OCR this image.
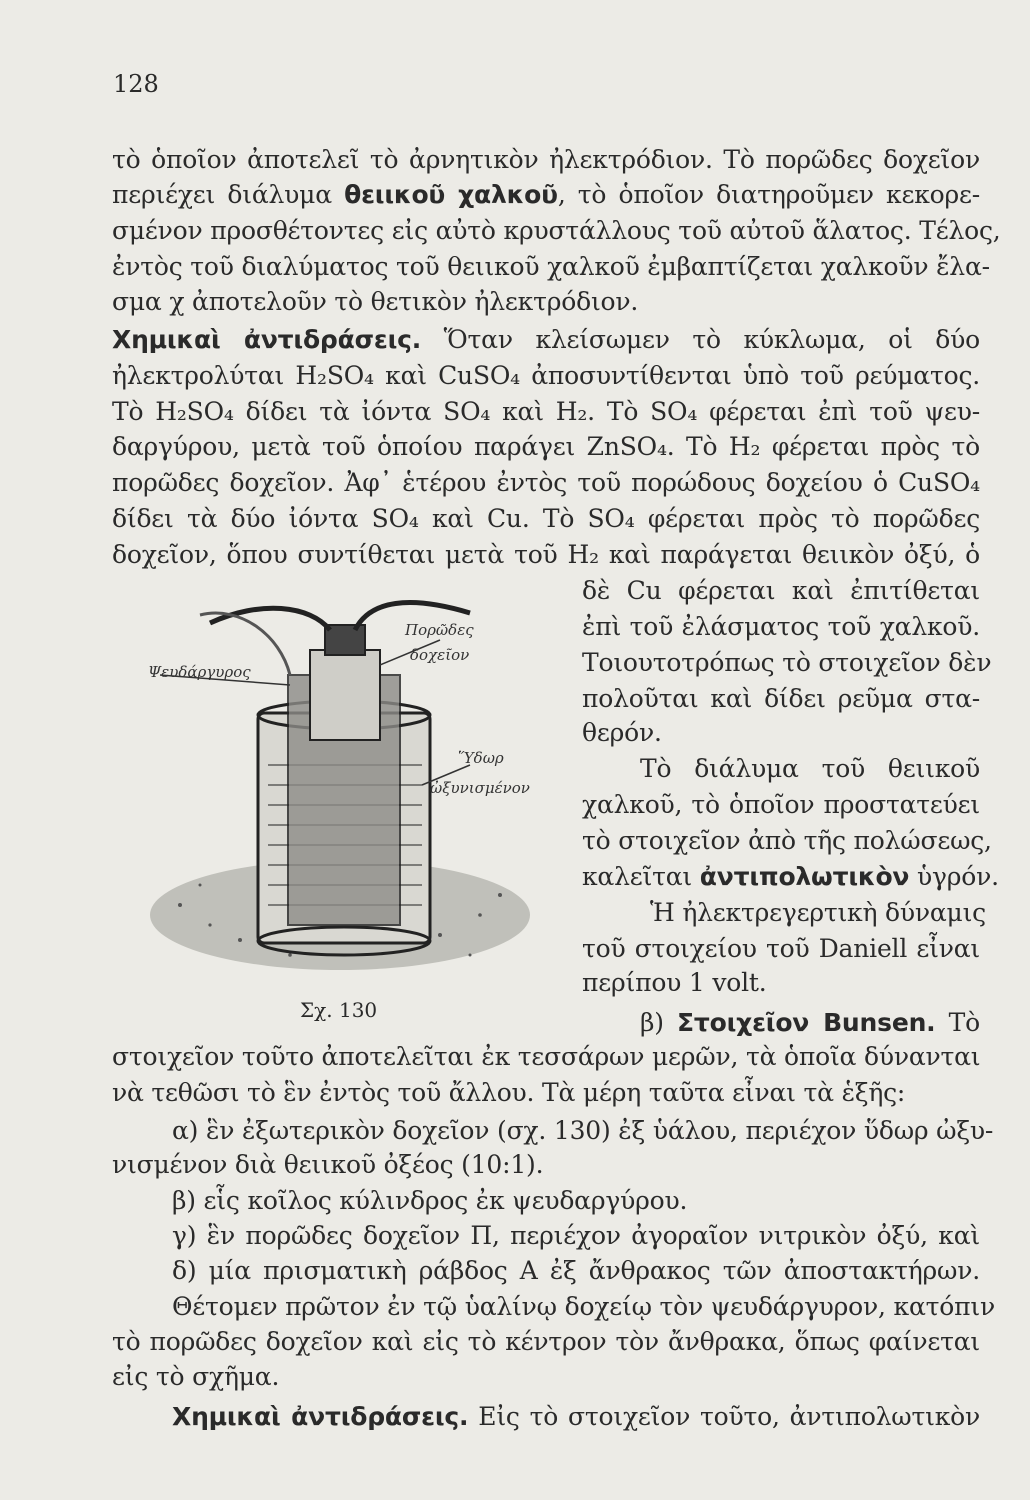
128
τὸ ὁποῖον ἀποτελεῖ τὸ ἀρνητικὸν ἠλεκτρόδιον. Τὸ πορῶδες δοχεῖον
περιέχει διάλυμα θειικοῦ χαλκοῦ, τὸ ὁποῖον διατηροῦμεν κεκορε-
σμένον προσθέτοντες εἰς αὐτὸ κρυστάλλους τοῦ αὐτοῦ ἅλατος. Τέλος,
ἐντὸς τοῦ διαλύματος τοῦ θειικοῦ χαλκοῦ ἐμβαπτίζεται χαλκοῦν ἔλα-
σμα χ ἀποτελοῦν τὸ θετικὸν ἠλεκτρόδιον.
Χημικαὶ ἀντιδράσεις. Ὅταν κλείσωμεν τὸ κύκλωμα, οἱ δύο
ἠλεκτρολύται H₂SO₄ καὶ CuSO₄ ἀποσυντίθενται ὑπὸ τοῦ ρεύματος.
Τὸ H₂SO₄ δίδει τὰ ἰόντα SO₄ καὶ H₂. Τὸ SO₄ φέρεται ἐπὶ τοῦ ψευ-
δαργύρου, μετὰ τοῦ ὁποίου παράγει ZnSO₄. Τὸ H₂ φέρεται πρὸς τὸ
πορῶδες δοχεῖον. Ἀφ᾽ ἑτέρου ἐντὸς τοῦ πορώδους δοχείου ὁ CuSO₄
δίδει τὰ δύο ἰόντα SO₄ καὶ Cu. Τὸ SO₄ φέρεται πρὸς τὸ πορῶδες
δοχεῖον, ὅπου συντίθεται μετὰ τοῦ H₂ καὶ παράγεται θειικὸν ὀξύ, ὁ
δὲ Cu φέρεται καὶ ἐπιτίθεται
ἐπὶ τοῦ ἐλάσματος τοῦ χαλκοῦ.
Τοιουτοτρόπως τὸ στοιχεῖον δὲν
πολοῦται καὶ δίδει ρεῦμα στα-
θερόν.
Τὸ διάλυμα τοῦ θειικοῦ
χαλκοῦ, τὸ ὁποῖον προστατεύει
τὸ στοιχεῖον ἀπὸ τῆς πολώσεως,
καλεῖται ἀντιπολωτικὸν ὑγρόν.
Ἡ ἠλεκτρεγερτικὴ δύναμις
τοῦ στοιχείου τοῦ Daniell εἶναι
περίπου 1 volt.
β) Στοιχεῖον Bunsen. Τὸ
Ψευδάργυρος
Πορῶδες
δοχεῖον
Ὕδωρ
ὠξυνισμένον
Σχ. 130
στοιχεῖον τοῦτο ἀποτελεῖται ἐκ τεσσάρων μερῶν, τὰ ὁποῖα δύνανται
νὰ τεθῶσι τὸ ἓν ἐντὸς τοῦ ἄλλου. Τὰ μέρη ταῦτα εἶναι τὰ ἑξῆς:
α) ἓν ἐξωτερικὸν δοχεῖον (σχ. 130) ἐξ ὑάλου, περιέχον ὕδωρ ὠξυ-
νισμένον διὰ θειικοῦ ὀξέος (10:1).
β) εἷς κοῖλος κύλινδρος ἐκ ψευδαργύρου.
γ) ἓν πορῶδες δοχεῖον Π, περιέχον ἀγοραῖον νιτρικὸν ὀξύ, καὶ
δ) μία πρισματικὴ ράβδος Α ἐξ ἄνθρακος τῶν ἀποστακτήρων.
Θέτομεν πρῶτον ἐν τῷ ὑαλίνῳ δοχείῳ τὸν ψευδάργυρον, κατόπιν
τὸ πορῶδες δοχεῖον καὶ εἰς τὸ κέντρον τὸν ἄνθρακα, ὅπως φαίνεται
εἰς τὸ σχῆμα.
Χημικαὶ ἀντιδράσεις. Εἰς τὸ στοιχεῖον τοῦτο, ἀντιπολωτικὸν
